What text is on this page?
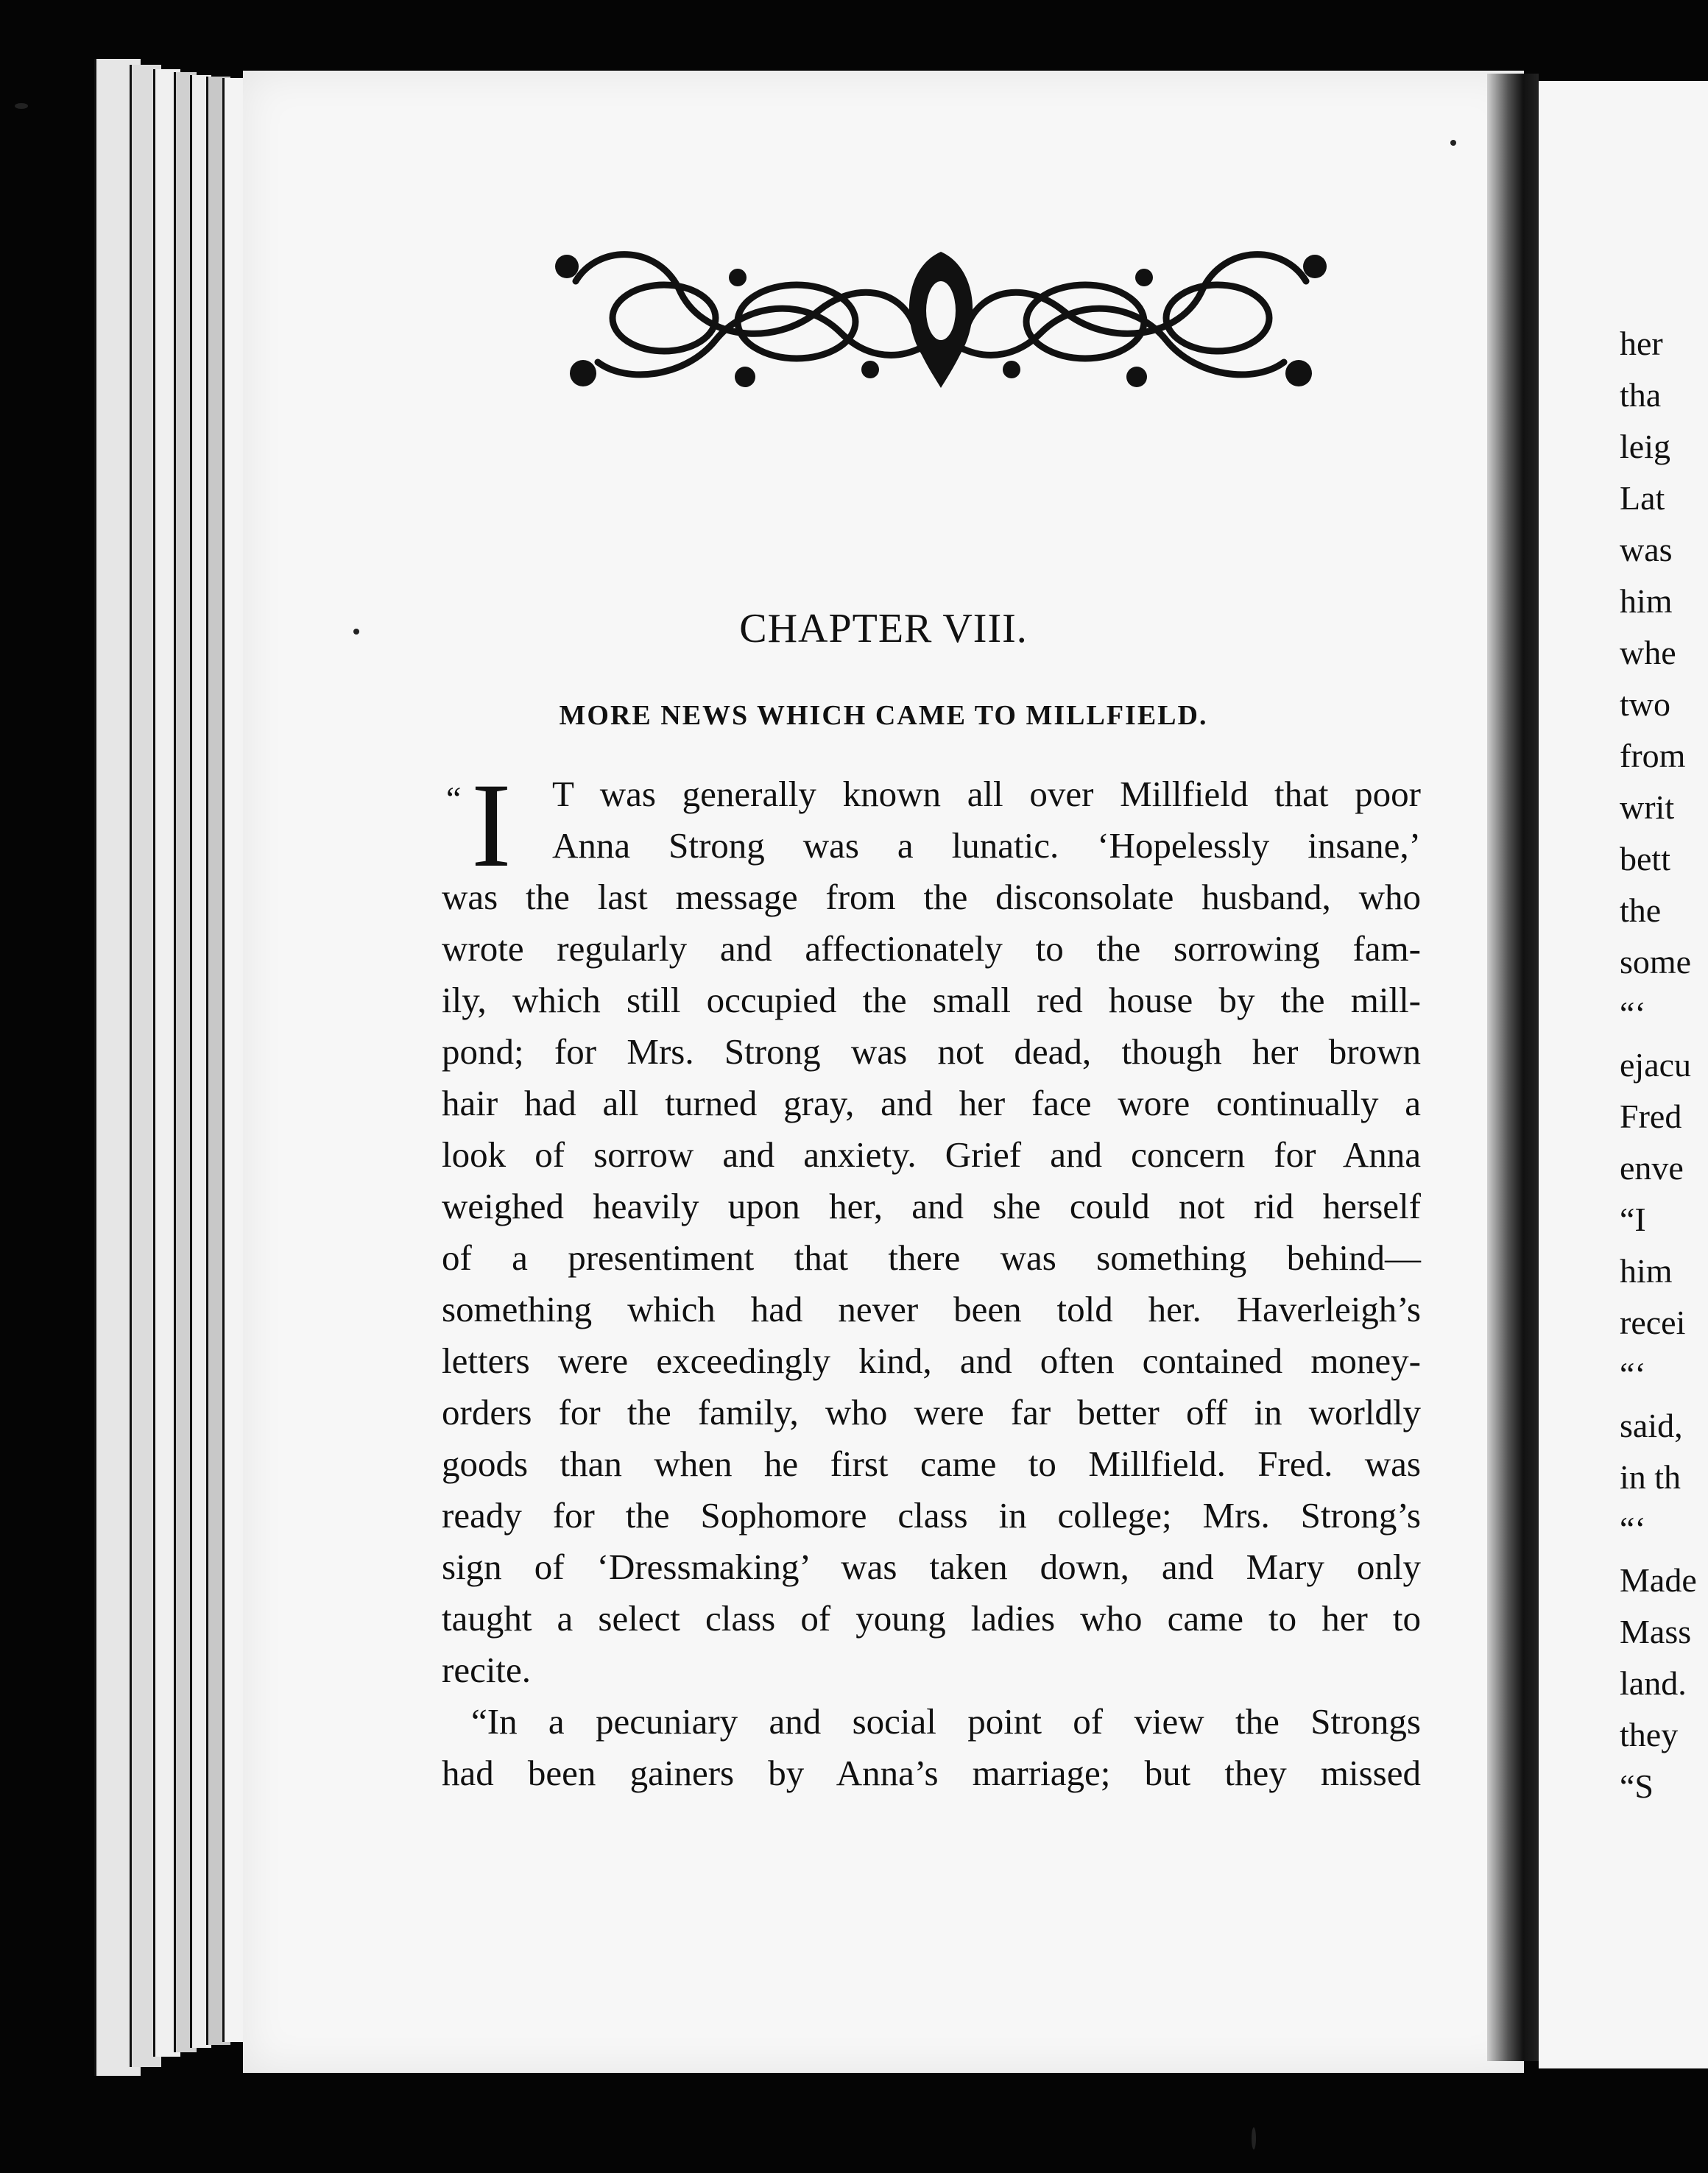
CHAPTER VIII.
MORE NEWS WHICH CAME TO MILLFIELD.
“ I	T was generally known all over Millfield that poor
Anna Strong was a lunatic. ‘Hopelessly insane,’
was the last message from the disconsolate husband, who
wrote regularly and affectionately to the sorrowing fam-
ily, which still occupied the small red house by the mill-
pond; for Mrs. Strong was not dead, though her brown
hair had all turned gray, and her face wore continually a
look of sorrow and anxiety. Grief and concern for Anna
weighed heavily upon her, and she could not rid herself
of a presentiment that there was something behind—
something which had never been told her. Haverleigh’s
letters were exceedingly kind, and often contained money-
orders for the family, who were far better off in worldly
goods than when he first came to Millfield. Fred. was
ready for the Sophomore class in college; Mrs. Strong’s
sign of ‘Dressmaking’ was taken down, and Mary only
taught a select class of young ladies who came to her to
recite.
“In a pecuniary and social point of view the Strongs
had been gainers by Anna’s marriage; but they missed
her
tha
leig
Lat
was
him
whe
two
from
writ
bett
the
some
“‘
ejacu
Fred
enve
“I
him
recei
“‘
said,
in th
“‘
Made
Mass
land.
they
“S
